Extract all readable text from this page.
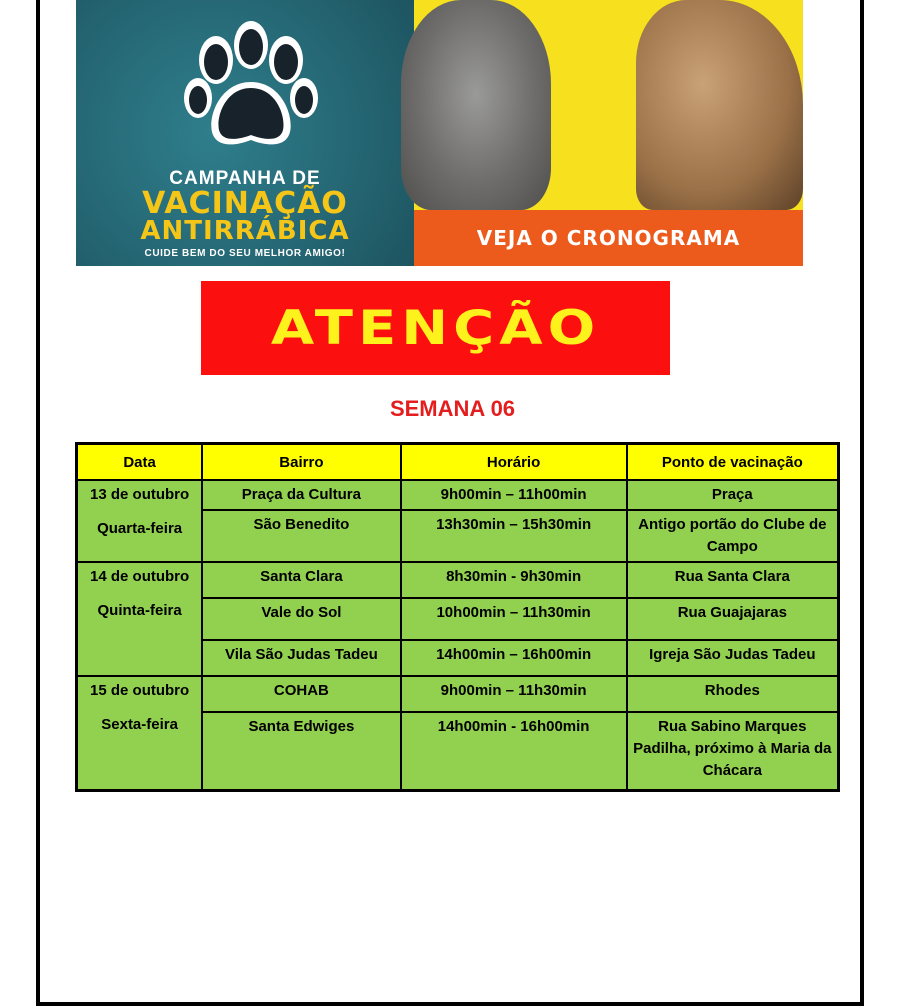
CAMPANHA DE
VACINAÇÃO
ANTIRRÁBICA
CUIDE BEM DO SEU MELHOR AMIGO!
VEJA O CRONOGRAMA
ATENÇÃO
SEMANA 06
Data	Bairro	Horário	Ponto de vacinação

13 de outubro
Quarta-feira	Praça da Cultura	9h00min – 11h00min	Praça
	São Benedito	13h30min – 15h30min	Antigo portão do Clube de Campo

14 de outubro
Quinta-feira	Santa Clara	8h30min - 9h30min	Rua Santa Clara
	Vale do Sol	10h00min – 11h30min	Rua Guajajaras
	Vila São Judas Tadeu	14h00min – 16h00min	Igreja São Judas Tadeu

15 de outubro
Sexta-feira	COHAB	9h00min – 11h30min	Rhodes
	Santa Edwiges	14h00min - 16h00min	Rua Sabino Marques Padilha, próximo à Maria da Chácara
